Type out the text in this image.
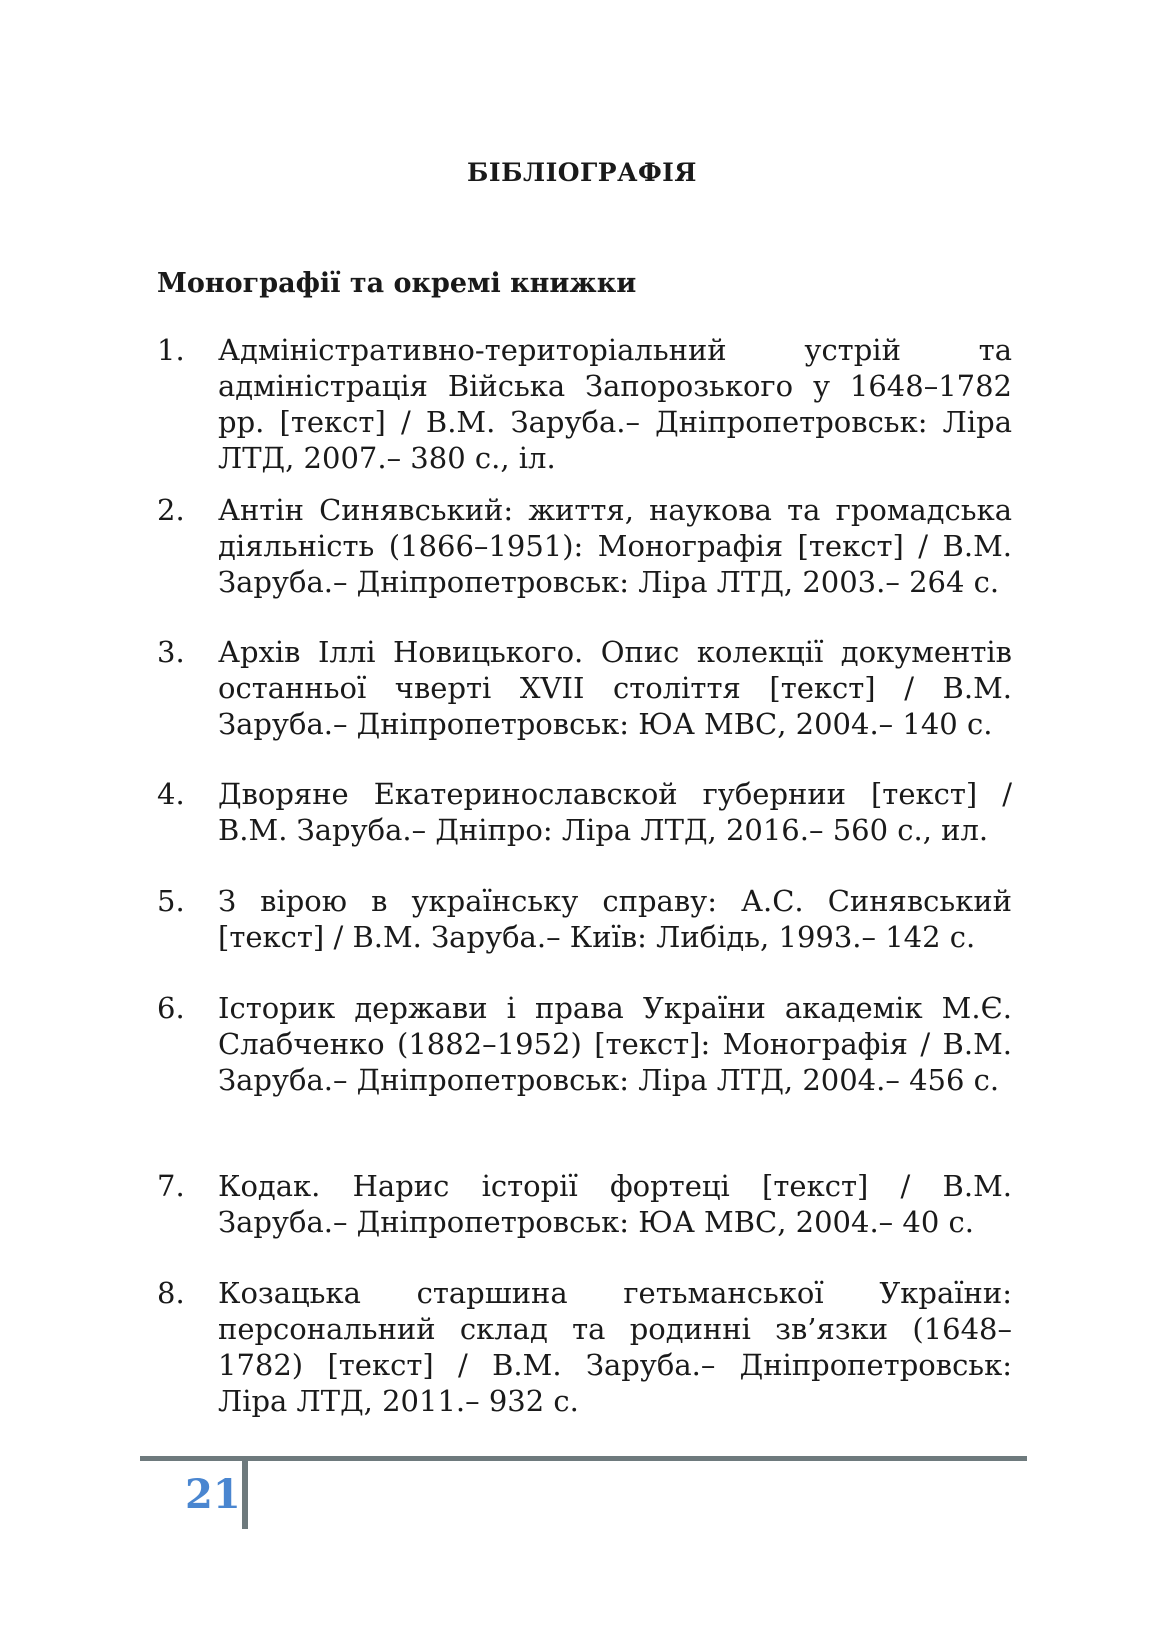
БІБЛІОГРАФІЯ
Монографії та окремі книжки
1.	Адміністративно-територіальний устрій та адміністрація Війська Запорозького у 1648–1782 рр. [текст] / В.М. Заруба.– Дніпропетровськ: Ліра ЛТД, 2007.– 380 с., іл.
2.	Антін Синявський: життя, наукова та громадська діяльність (1866–1951): Монографія [текст] / В.М. Заруба.– Дніпропетровськ: Ліра ЛТД, 2003.– 264 с.
3.	Архів Іллі Новицького. Опис колекції документів останньої чверті XVII століття [текст] / В.М. Заруба.– Дніпропетровськ: ЮА МВС, 2004.– 140 с.
4.	Дворяне Екатеринославской губернии [текст] / В.М. Заруба.– Дніпро: Ліра ЛТД, 2016.– 560 с., ил.
5.	З вірою в українську справу: А.С. Синявський [текст] / В.М. Заруба.– Київ: Либідь, 1993.– 142 с.
6.	Історик держави і права України академік М.Є. Слабченко (1882–1952) [текст]: Монографія / В.М. Заруба.– Дніпропетровськ: Ліра ЛТД, 2004.– 456 с.
7.	Кодак. Нарис історії фортеці [текст] / В.М. Заруба.– Дніпропетровськ: ЮА МВС, 2004.– 40 с.
8.	Козацька старшина гетьманської України: персональний склад та родинні зв’язки (1648–1782) [текст] / В.М. Заруба.– Дніпропетровськ: Ліра ЛТД, 2011.– 932 с.
21
